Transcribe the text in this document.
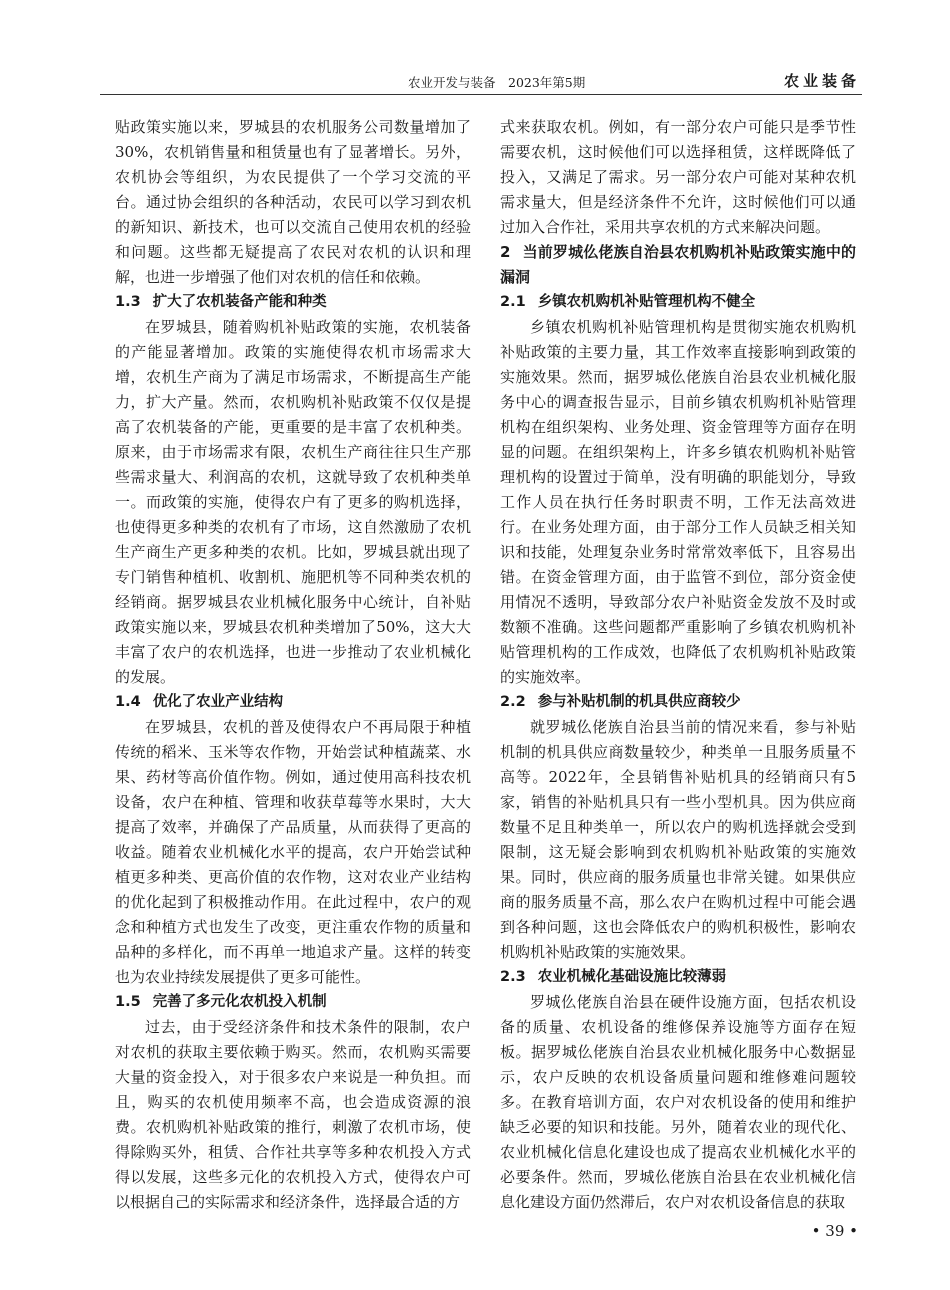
农业开发与装备　2023年第5期	农业装备

贴政策实施以来，罗城县的农机服务公司数量增加了30%，农机销售量和租赁量也有了显著增长。另外，农机协会等组织，为农民提供了一个学习交流的平台。通过协会组织的各种活动，农民可以学习到农机的新知识、新技术，也可以交流自己使用农机的经验和问题。这些都无疑提高了农民对农机的认识和理解，也进一步增强了他们对农机的信任和依赖。

1.3 扩大了农机装备产能和种类

在罗城县，随着购机补贴政策的实施，农机装备的产能显著增加。政策的实施使得农机市场需求大增，农机生产商为了满足市场需求，不断提高生产能力，扩大产量。然而，农机购机补贴政策不仅仅是提高了农机装备的产能，更重要的是丰富了农机种类。原来，由于市场需求有限，农机生产商往往只生产那些需求量大、利润高的农机，这就导致了农机种类单一。而政策的实施，使得农户有了更多的购机选择，也使得更多种类的农机有了市场，这自然激励了农机生产商生产更多种类的农机。比如，罗城县就出现了专门销售种植机、收割机、施肥机等不同种类农机的经销商。据罗城县农业机械化服务中心统计，自补贴政策实施以来，罗城县农机种类增加了50%，这大大丰富了农户的农机选择，也进一步推动了农业机械化的发展。

1.4 优化了农业产业结构

在罗城县，农机的普及使得农户不再局限于种植传统的稻米、玉米等农作物，开始尝试种植蔬菜、水果、药材等高价值作物。例如，通过使用高科技农机设备，农户在种植、管理和收获草莓等水果时，大大提高了效率，并确保了产品质量，从而获得了更高的收益。随着农业机械化水平的提高，农户开始尝试种植更多种类、更高价值的农作物，这对农业产业结构的优化起到了积极推动作用。在此过程中，农户的观念和种植方式也发生了改变，更注重农作物的质量和品种的多样化，而不再单一地追求产量。这样的转变也为农业持续发展提供了更多可能性。

1.5 完善了多元化农机投入机制

过去，由于受经济条件和技术条件的限制，农户对农机的获取主要依赖于购买。然而，农机购买需要大量的资金投入，对于很多农户来说是一种负担。而且，购买的农机使用频率不高，也会造成资源的浪费。农机购机补贴政策的推行，刺激了农机市场，使得除购买外，租赁、合作社共享等多种农机投入方式得以发展，这些多元化的农机投入方式，使得农户可以根据自己的实际需求和经济条件，选择最合适的方

式来获取农机。例如，有一部分农户可能只是季节性需要农机，这时候他们可以选择租赁，这样既降低了投入，又满足了需求。另一部分农户可能对某种农机需求量大，但是经济条件不允许，这时候他们可以通过加入合作社，采用共享农机的方式来解决问题。

2 当前罗城仫佬族自治县农机购机补贴政策实施中的漏洞
2.1 乡镇农机购机补贴管理机构不健全

乡镇农机购机补贴管理机构是贯彻实施农机购机补贴政策的主要力量，其工作效率直接影响到政策的实施效果。然而，据罗城仫佬族自治县农业机械化服务中心的调查报告显示，目前乡镇农机购机补贴管理机构在组织架构、业务处理、资金管理等方面存在明显的问题。在组织架构上，许多乡镇农机购机补贴管理机构的设置过于简单，没有明确的职能划分，导致工作人员在执行任务时职责不明，工作无法高效进行。在业务处理方面，由于部分工作人员缺乏相关知识和技能，处理复杂业务时常常效率低下，且容易出错。在资金管理方面，由于监管不到位，部分资金使用情况不透明，导致部分农户补贴资金发放不及时或数额不准确。这些问题都严重影响了乡镇农机购机补贴管理机构的工作成效，也降低了农机购机补贴政策的实施效率。

2.2 参与补贴机制的机具供应商较少

就罗城仫佬族自治县当前的情况来看，参与补贴机制的机具供应商数量较少，种类单一且服务质量不高等。2022年，全县销售补贴机具的经销商只有5家，销售的补贴机具只有一些小型机具。因为供应商数量不足且种类单一，所以农户的购机选择就会受到限制，这无疑会影响到农机购机补贴政策的实施效果。同时，供应商的服务质量也非常关键。如果供应商的服务质量不高，那么农户在购机过程中可能会遇到各种问题，这也会降低农户的购机积极性，影响农机购机补贴政策的实施效果。

2.3 农业机械化基础设施比较薄弱

罗城仫佬族自治县在硬件设施方面，包括农机设备的质量、农机设备的维修保养设施等方面存在短板。据罗城仫佬族自治县农业机械化服务中心数据显示，农户反映的农机设备质量问题和维修难问题较多。在教育培训方面，农户对农机设备的使用和维护缺乏必要的知识和技能。另外，随着农业的现代化、农业机械化信息化建设也成了提高农业机械化水平的必要条件。然而，罗城仫佬族自治县在农业机械化信息化建设方面仍然滞后，农户对农机设备信息的获取

• 39 •
